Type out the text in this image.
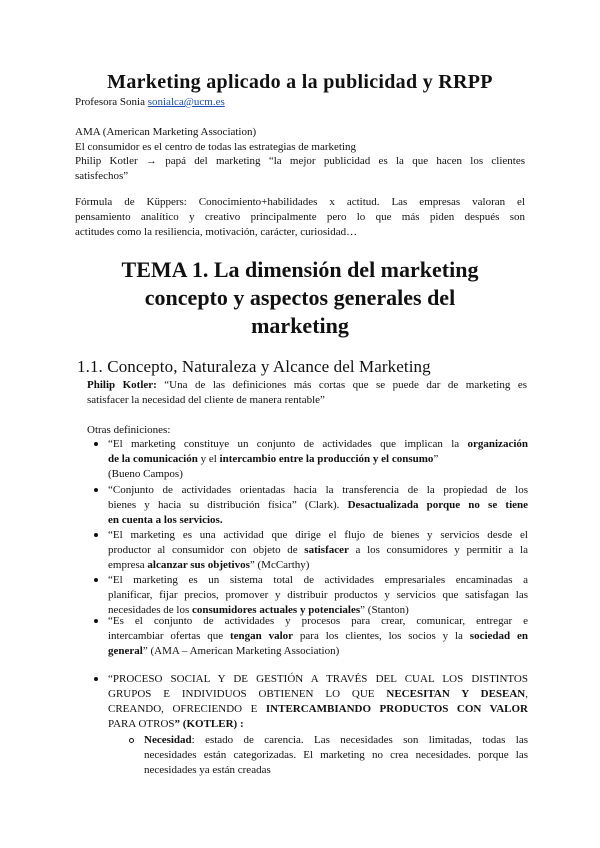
Marketing aplicado a la publicidad y RRPP
Profesora Sonia sonialca@ucm.es
AMA (American Marketing Association)
El consumidor es el centro de todas las estrategias de marketing
Philip Kotler → papá del marketing “la mejor publicidad es la que hacen los clientes
satisfechos”
Fórmula de Küppers: Conocimiento+habilidades x actitud. Las empresas valoran el
pensamiento analítico y creativo principalmente pero lo que más piden después son
actitudes como la resiliencia, motivación, carácter, curiosidad…
TEMA 1. La dimensión del marketing
concepto y aspectos generales del
marketing
1.1. Concepto, Naturaleza y Alcance del Marketing
Philip Kotler: “Una de las definiciones más cortas que se puede dar de marketing es
satisfacer la necesidad del cliente de manera rentable”
Otras definiciones:
“El marketing constituye un conjunto de actividades que implican la organización
de la comunicación y el intercambio entre la producción y el consumo”
(Bueno Campos)
“Conjunto de actividades orientadas hacia la transferencia de la propiedad de los
bienes y hacia su distribución física” (Clark). Desactualizada porque no se tiene
en cuenta a los servicios.
“El marketing es una actividad que dirige el flujo de bienes y servicios desde el
productor al consumidor con objeto de satisfacer a los consumidores y permitir a la
empresa alcanzar sus objetivos” (McCarthy)
“El marketing es un sistema total de actividades empresariales encaminadas a
planificar, fijar precios, promover y distribuir productos y servicios que satisfagan las
necesidades de los consumidores actuales y potenciales” (Stanton)
“Es el conjunto de actividades y procesos para crear, comunicar, entregar e
intercambiar ofertas que tengan valor para los clientes, los socios y la sociedad en
general” (AMA – American Marketing Association)
“PROCESO SOCIAL Y DE GESTIÓN A TRAVÉS DEL CUAL LOS DISTINTOS
GRUPOS E INDIVIDUOS OBTIENEN LO QUE NECESITAN Y DESEAN,
CREANDO, OFRECIENDO E INTERCAMBIANDO PRODUCTOS CON VALOR
PARA OTROS” (KOTLER) :
Necesidad: estado de carencia. Las necesidades son limitadas, todas las
necesidades están categorizadas. El marketing no crea necesidades. porque las
necesidades ya están creadas
